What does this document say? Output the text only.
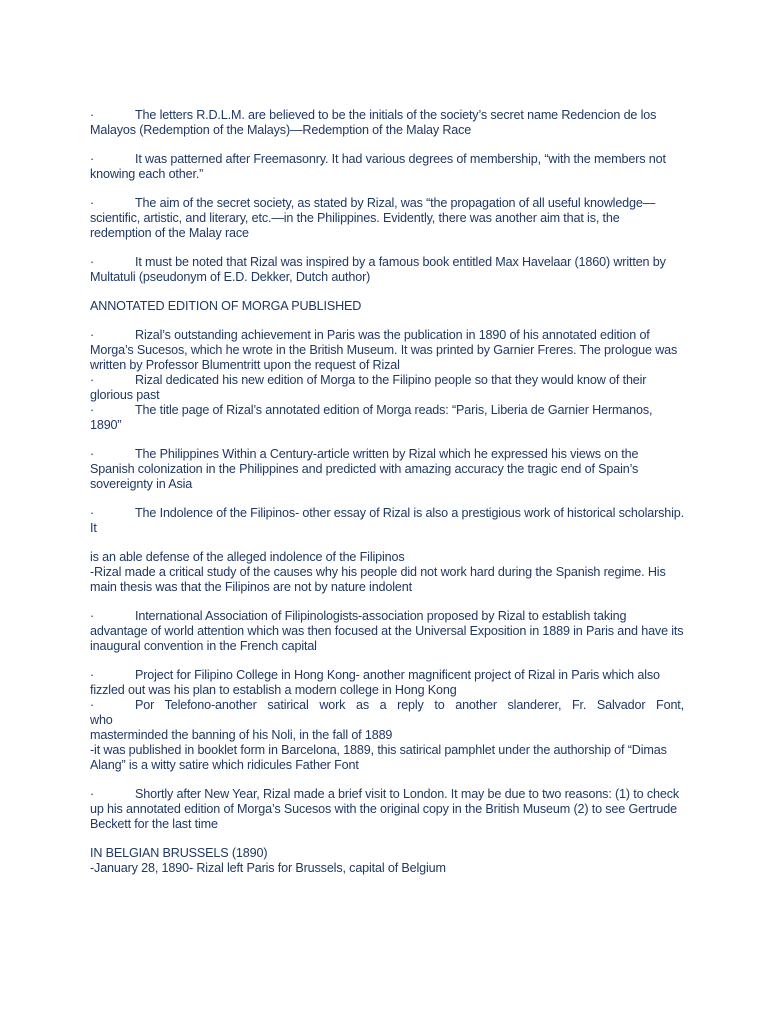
·	The letters R.D.L.M. are believed to be the initials of the society’s secret name Redencion de los Malayos (Redemption of the Malays)—Redemption of the Malay Race
·	It was patterned after Freemasonry. It had various degrees of membership, “with the members not knowing each other.”
·	The aim of the secret society, as stated by Rizal, was “the propagation of all useful knowledge—scientific, artistic, and literary, etc.—in the Philippines. Evidently, there was another aim that is, the redemption of the Malay race
·	It must be noted that Rizal was inspired by a famous book entitled Max Havelaar (1860) written by Multatuli (pseudonym of E.D. Dekker, Dutch author)
ANNOTATED EDITION OF MORGA PUBLISHED
·	Rizal’s outstanding achievement in Paris was the publication in 1890 of his annotated edition of Morga’s Sucesos, which he wrote in the British Museum. It was printed by Garnier Freres. The prologue was written by Professor Blumentritt upon the request of Rizal
·	Rizal dedicated his new edition of Morga to the Filipino people so that they would know of their glorious past
·	The title page of Rizal’s annotated edition of Morga reads: “Paris, Liberia de Garnier Hermanos, 1890”
·	The Philippines Within a Century-article written by Rizal which he expressed his views on the Spanish colonization in the Philippines and predicted with amazing accuracy the tragic end of Spain’s sovereignty in Asia
·	The Indolence of the Filipinos- other essay of Rizal is also a prestigious work of historical scholarship. It
is an able defense of the alleged indolence of the Filipinos
-Rizal made a critical study of the causes why his people did not work hard during the Spanish regime. His main thesis was that the Filipinos are not by nature indolent
·	International Association of Filipinologists-association proposed by Rizal to establish taking advantage of world attention which was then focused at the Universal Exposition in 1889 in Paris and have its inaugural convention in the French capital
·	Project for Filipino College in Hong Kong- another magnificent project of Rizal in Paris which also fizzled out was his plan to establish a modern college in Hong Kong
·	Por Telefono-another satirical work as a reply to another slanderer, Fr. Salvador Font,
who
masterminded the banning of his Noli, in the fall of 1889
-it was published in booklet form in Barcelona, 1889, this satirical pamphlet under the authorship of “Dimas Alang” is a witty satire which ridicules Father Font
·	Shortly after New Year, Rizal made a brief visit to London. It may be due to two reasons: (1) to check up his annotated edition of Morga’s Sucesos with the original copy in the British Museum (2) to see Gertrude Beckett for the last time
IN BELGIAN BRUSSELS (1890)
-January 28, 1890- Rizal left Paris for Brussels, capital of Belgium
